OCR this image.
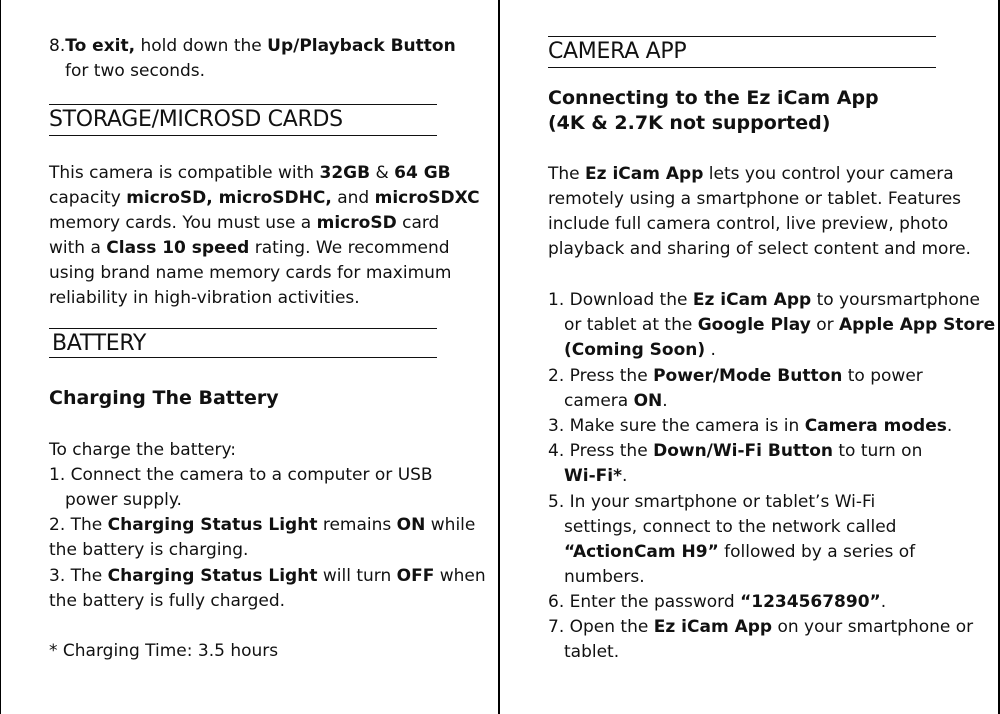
8.To exit, hold down the Up/Playback Button

for two seconds.

STORAGE/MICROSD CARDS

This camera is compatible with 32GB & 64 GB

capacity microSD, microSDHC, and microSDXC

memory cards. You must use a microSD card

with a Class 10 speed rating. We recommend

using brand name memory cards for maximum

reliability in high-vibration activities.

BATTERY
Charging The Battery

To charge the battery:

1. Connect the camera to a computer or USB

power supply.

2. The Charging Status Light remains ON while

the battery is charging.

3. The Charging Status Light will turn OFF when

the battery is fully charged.

* Charging Time: 3.5 hours

CAMERA APP
Connecting to the Ez iCam App
(4K & 2.7K not supported)

The Ez iCam App lets you control your camera

remotely using a smartphone or tablet. Features

include full camera control, live preview, photo

playback and sharing of select content and more.

1. Download the Ez iCam App to yoursmartphone

or tablet at the Google Play or Apple App Store

(Coming Soon) .

2. Press the Power/Mode Button to power

camera ON.

3. Make sure the camera is in Camera modes.

4. Press the Down/Wi-Fi Button to turn on

Wi-Fi*.

5. In your smartphone or tablet’s Wi-Fi

settings, connect to the network called

“ActionCam H9” followed by a series of

numbers.

6. Enter the password “1234567890”.

7. Open the Ez iCam App on your smartphone or

tablet.
